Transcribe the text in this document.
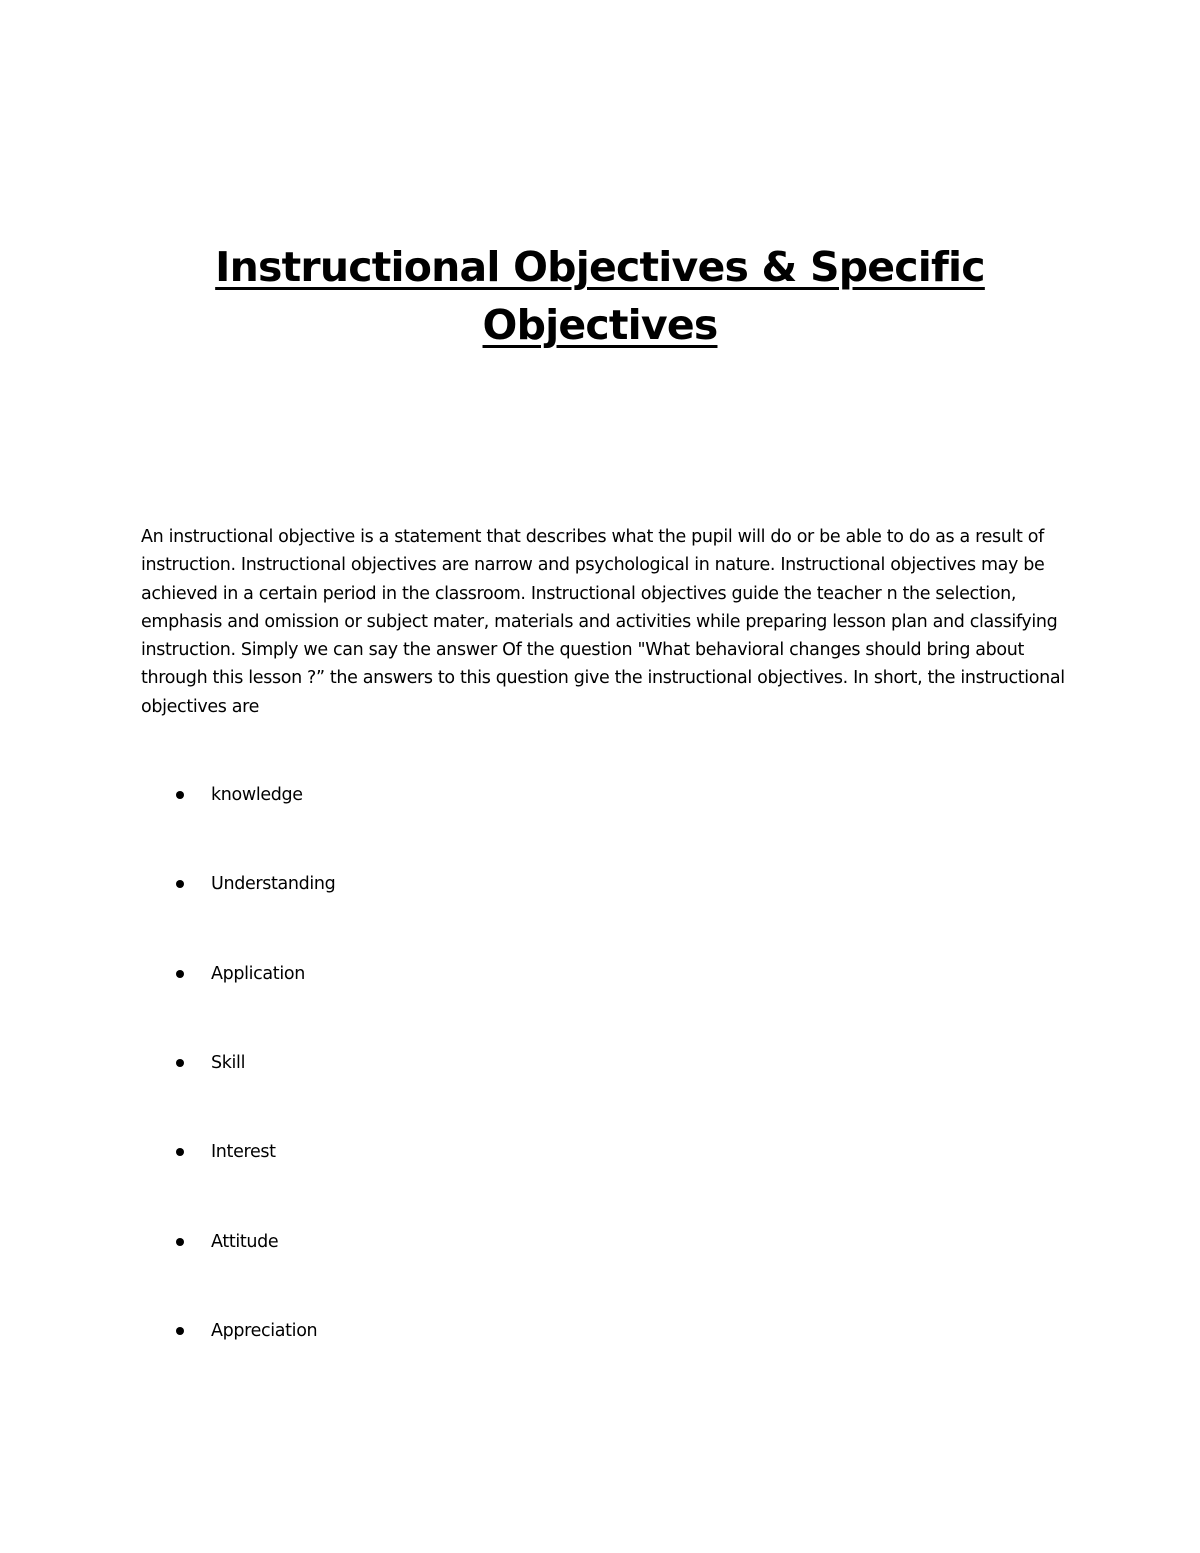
Instructional Objectives & Specific
Objectives

An instructional objective is a statement that describes what the pupil will do or be able to do as a result of instruction. Instructional objectives are narrow and psychological in nature. Instructional objectives may be achieved in a certain period in the classroom. Instructional objectives guide the teacher n the selection, emphasis and omission or subject mater, materials and activities while preparing lesson plan and classifying instruction. Simply we can say the answer Of the question "What behavioral changes should bring about through this lesson ?” the answers to this question give the instructional objectives. In short, the instructional objectives are

knowledge
Understanding
Application
Skill
Interest
Attitude
Appreciation
